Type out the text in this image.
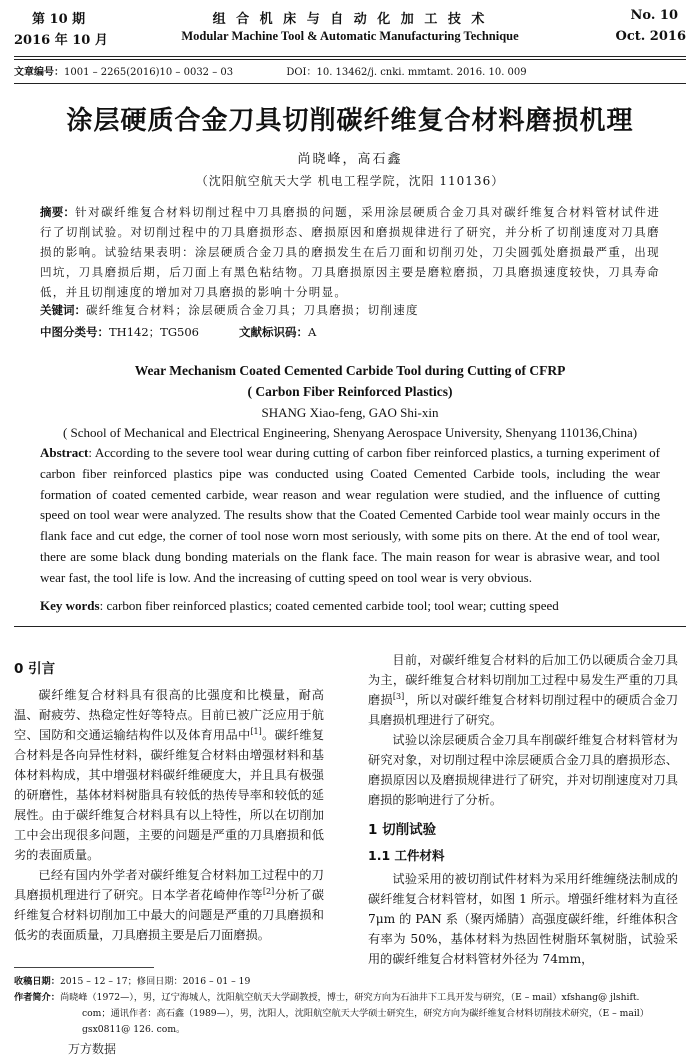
第 10 期
2016 年 10 月
组 合 机 床 与 自 动 化 加 工 技 术
Modular Machine Tool & Automatic Manufacturing Technique
No. 10
Oct. 2016
文章编号：1001 – 2265(2016)10 – 0032 – 03	DOI：10. 13462/j. cnki. mmtamt. 2016. 10. 009
涂层硬质合金刀具切削碳纤维复合材料磨损机理
尚晓峰，高石鑫
（沈阳航空航天大学 机电工程学院，沈阳 110136）
摘要：针对碳纤维复合材料切削过程中刀具磨损的问题，采用涂层硬质合金刀具对碳纤维复合材料管材试件进行了切削试验。对切削过程中的刀具磨损形态、磨损原因和磨损规律进行了研究，并分析了切削速度对刀具磨损的影响。试验结果表明：涂层硬质合金刀具的磨损发生在后刀面和切削刃处，刀尖圆弧处磨损最严重，出现凹坑，刀具磨损后期，后刀面上有黑色粘结物。刀具磨损原因主要是磨粒磨损，刀具磨损速度较快，刀具寿命低，并且切削速度的增加对刀具磨损的影响十分明显。
关键词：碳纤维复合材料；涂层硬质合金刀具；刀具磨损；切削速度
中图分类号：TH142；TG506	文献标识码：A
Wear Mechanism Coated Cemented Carbide Tool during Cutting of CFRP
( Carbon Fiber Reinforced Plastics)
SHANG Xiao-feng, GAO Shi-xin
( School of Mechanical and Electrical Engineering, Shenyang Aerospace University, Shenyang 110136,China)
Abstract: According to the severe tool wear during cutting of carbon fiber reinforced plastics, a turning experiment of carbon fiber reinforced plastics pipe was conducted using Coated Cemented Carbide tools, including the wear formation of coated cemented carbide, wear reason and wear regulation were studied, and the influence of cutting speed on tool wear were analyzed. The results show that the Coated Cemented Carbide tool wear mainly occurs in the flank face and cut edge, the corner of tool nose worn most seriously, with some pits on there. At the end of tool wear, there are some black dung bonding materials on the flank face. The main reason for wear is abrasive wear, and tool wear fast, the tool life is low. And the increasing of cutting speed on tool wear is very obvious.
Key words: carbon fiber reinforced plastics; coated cemented carbide tool; tool wear; cutting speed
0 引言

碳纤维复合材料具有很高的比强度和比模量，耐高温、耐疲劳、热稳定性好等特点。目前已被广泛应用于航空、国防和交通运输结构件以及体育用品中[1]。碳纤维复合材料是各向异性材料，碳纤维复合材料由增强材料和基体材料构成，其中增强材料碳纤维硬度大，并且具有极强的研磨性，基体材料树脂具有较低的热传导率和较低的延展性。由于碳纤维复合材料具有以上特性，所以在切削加工中会出现很多问题，主要的问题是严重的刀具磨损和低劣的表面质量。

已经有国内外学者对碳纤维复合材料加工过程中的刀具磨损机理进行了研究。日本学者花崎伸作等[2]分析了碳纤维复合材料切削加工中最大的问题是严重的刀具磨损和低劣的表面质量，刀具磨损主要是后刀面磨损。

目前，对碳纤维复合材料的后加工仍以硬质合金刀具为主，碳纤维复合材料切削加工过程中易发生严重的刀具磨损[3]，所以对碳纤维复合材料切削过程中的硬质合金刀具磨损机理进行了研究。

试验以涂层硬质合金刀具车削碳纤维复合材料管材为研究对象，对切削过程中涂层硬质合金刀具的磨损形态、磨损原因以及磨损规律进行了研究，并对切削速度对刀具磨损的影响进行了分析。

1 切削试验
1.1 工件材料

试验采用的被切削试件材料为采用纤维缠绕法制成的碳纤维复合材料管材，如图 1 所示。增强纤维材料为直径 7μm 的 PAN 系（聚丙烯腈）高强度碳纤维，纤维体积含有率为 50%，基体材料为热固性树脂环氧树脂，试验采用的碳纤维复合材料管材外径为 74mm，

收稿日期：2015 – 12 – 17；修回日期：2016 – 01 – 19
作者简介：尚晓峰（1972—），男，辽宁海城人，沈阳航空航天大学副教授，博士，研究方向为石油井下工具开发与研究，（E – mail）xfshang@ jlshift.
com；通讯作者：高石鑫（1989—），男，沈阳人，沈阳航空航天大学硕士研究生，研究方向为碳纤维复合材料切削技术研究，（E – mail）
gsx0811@ 126. com。
万方数据
